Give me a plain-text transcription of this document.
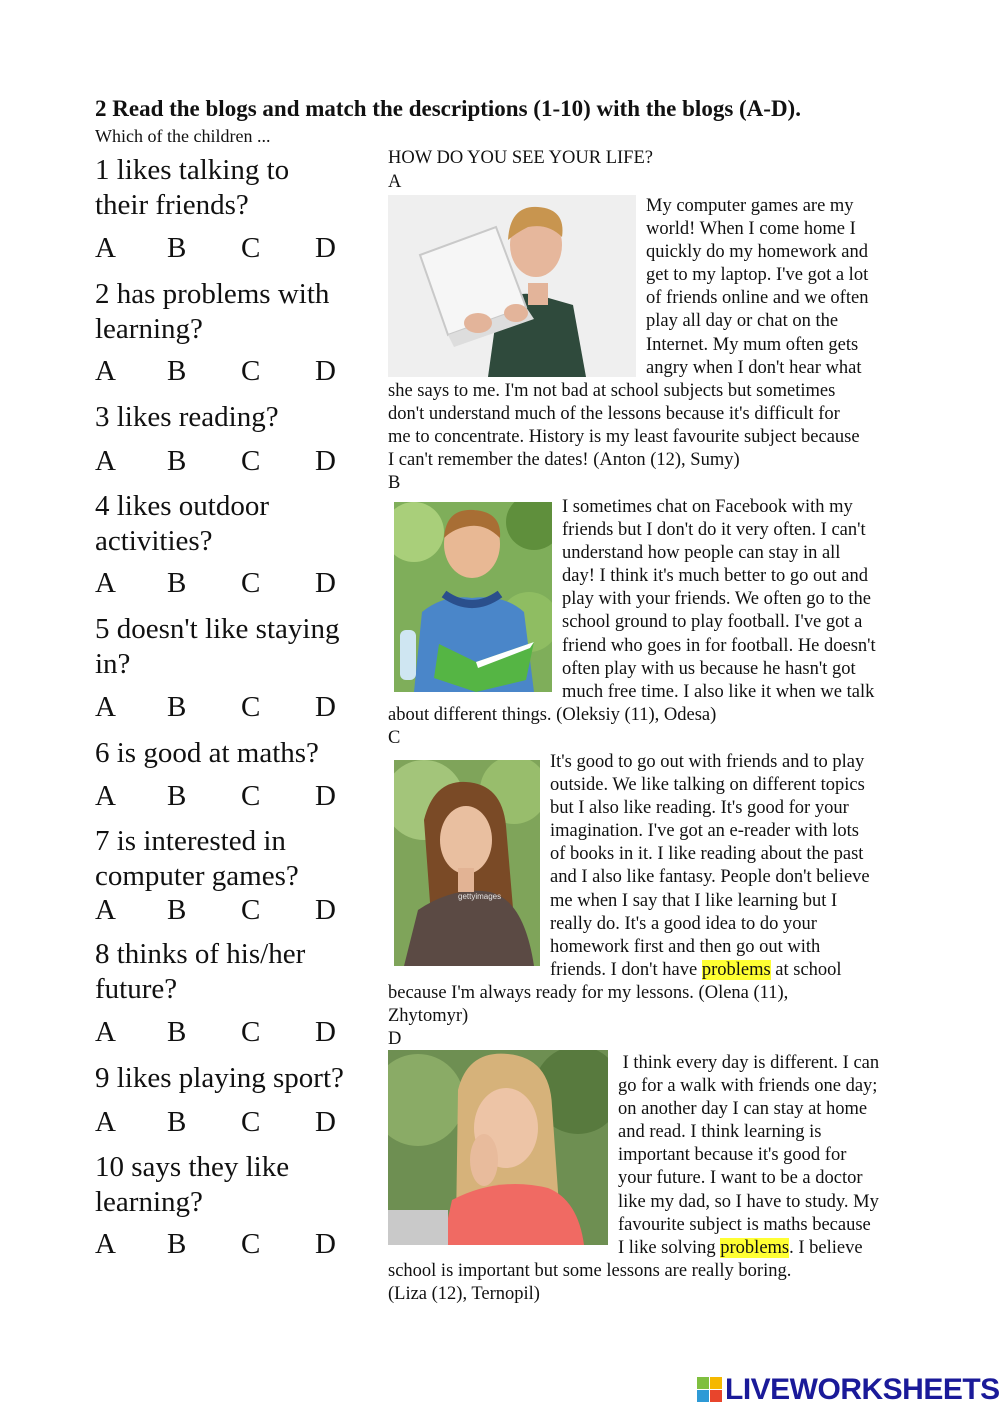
2 Read the blogs and match the descriptions (1-10) with the blogs (A-D).
Which of the children ...
1 likes talking to
their friends?
A B C D
2 has problems with
learning?
A B C D
3 likes reading?
A B C D
4 likes outdoor
activities?
A B C D
5 doesn't like staying
in?
A B C D
6 is good at maths?
A B C D
7 is interested in
computer games?
A B C D
8 thinks of his/her
future?
A B C D
9 likes playing sport?
A B C D
10 says they like
learning?
A B C D
HOW DO YOU SEE YOUR LIFE?
A
My computer games are my
world! When I come home I
quickly do my homework and
get to my laptop. I've got a lot
of friends online and we often
play all day or chat on the
Internet. My mum often gets
angry when I don't hear what
she says to me. I'm not bad at school subjects but sometimes
don't understand much of the lessons because it's difficult for
me to concentrate. History is my least favourite subject because
I can't remember the dates! (Anton (12), Sumy)
B
I sometimes chat on Facebook with my
friends but I don't do it very often. I can't
understand how people can stay in all
day! I think it's much better to go out and
play with your friends. We often go to the
school ground to play football. I've got a
friend who goes in for football. He doesn't
often play with us because he hasn't got
much free time. I also like it when we talk
about different things. (Oleksiy (11), Odesa)
C
gettyimages
It's good to go out with friends and to play
outside. We like talking on different topics
but I also like reading. It's good for your
imagination. I've got an e-reader with lots
of books in it. I like reading about the past
and I also like fantasy. People don't believe
me when I say that I like learning but I
really do. It's a good idea to do your
homework first and then go out with
friends. I don't have problems at school
because I'm always ready for my lessons. (Olena (11),
Zhytomyr)
D
I think every day is different. I can
go for a walk with friends one day;
on another day I can stay at home
and read. I think learning is
important because it's good for
your future. I want to be a doctor
like my dad, so I have to study. My
favourite subject is maths because
I like solving problems. I believe
school is important but some lessons are really boring.
(Liza (12), Ternopil)
LIVEWORKSHEETS
